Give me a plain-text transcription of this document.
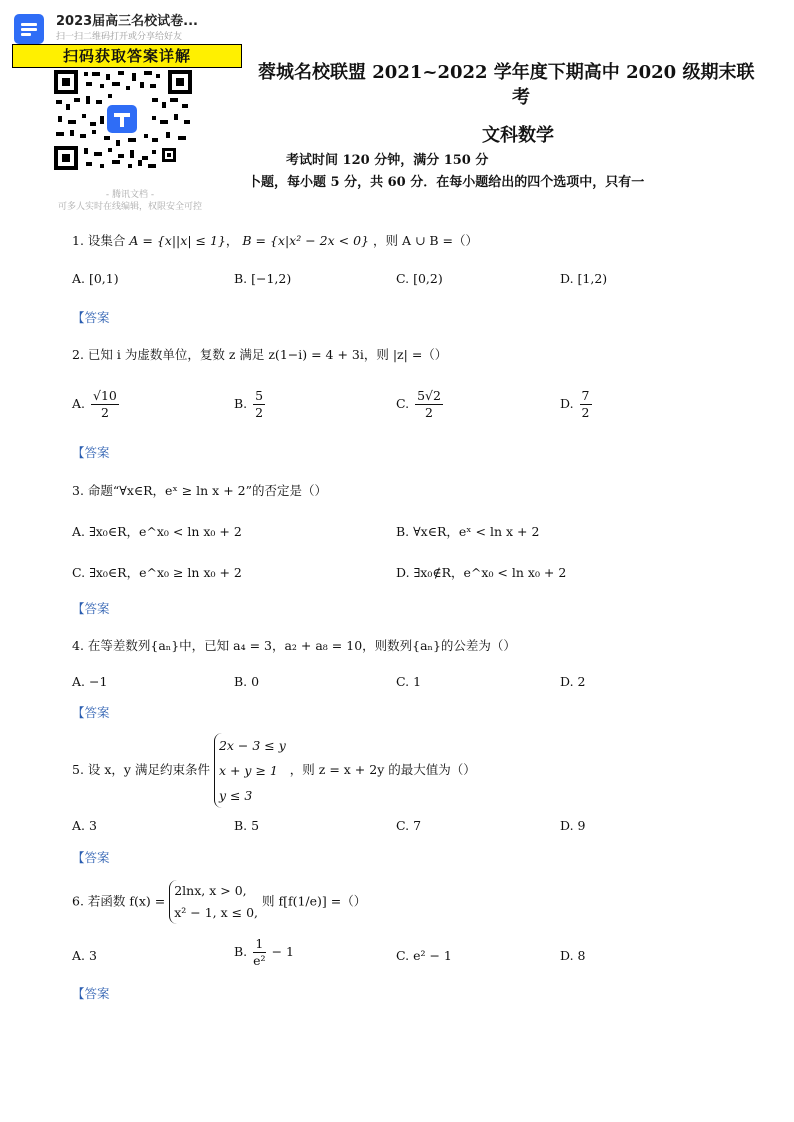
2023届高三名校试卷...
扫一扫二维码打开或分享给好友
扫码获取答案详解
- 腾讯文档 -
可多人实时在线编辑，权限安全可控
蓉城名校联盟 2021~2022 学年度下期高中 2020 级期末联
考
文科数学
考试时间 120 分钟，满分 150 分
卜题，每小题 5 分，共 60 分．在每小题给出的四个选项中，只有一
1. 设集合 A = {x||x| ≤ 1}， B = {x|x² − 2x < 0} ，则 A ∪ B =（）
A. [0,1)	B. [−1,2)	C. [0,2)	D. [1,2)
【答案
2. 已知 i 为虚数单位，复数 z 满足 z(1−i) = 4 + 3i，则 |z| =（）
A. $\frac{√10}{2}$	B. $\frac{5}{2}$	C. $\frac{5√2}{2}$	D. $\frac{7}{2}$
【答案
3. 命题“∀x∈R，eˣ ≥ ln x + 2”的否定是（）
A. ∃x₀∈R，e^x₀ < ln x₀ + 2	B. ∀x∈R，eˣ < ln x + 2
C. ∃x₀∈R，e^x₀ ≥ ln x₀ + 2	D. ∃x₀∉R，e^x₀ < ln x₀ + 2
【答案
4. 在等差数列{aₙ}中，已知 a₄ = 3，a₂ + a₈ = 10，则数列{aₙ}的公差为（）
A. −1	B. 0	C. 1	D. 2
【答案
5. 设 x，y 满足约束条件
2x − 3 ≤ y
x + y ≥ 1
y ≤ 3
，则 z = x + 2y 的最大值为（）
A. 3	B. 5	C. 7	D. 9
【答案
6. 若函数 f(x) =
2lnx, x > 0,
x² − 1, x ≤ 0,
则 f[f(1/e)] =（）
A. 3	B. $\frac{1}{\text{e²}} - 1$	C. e² − 1	D. 8
【答案
